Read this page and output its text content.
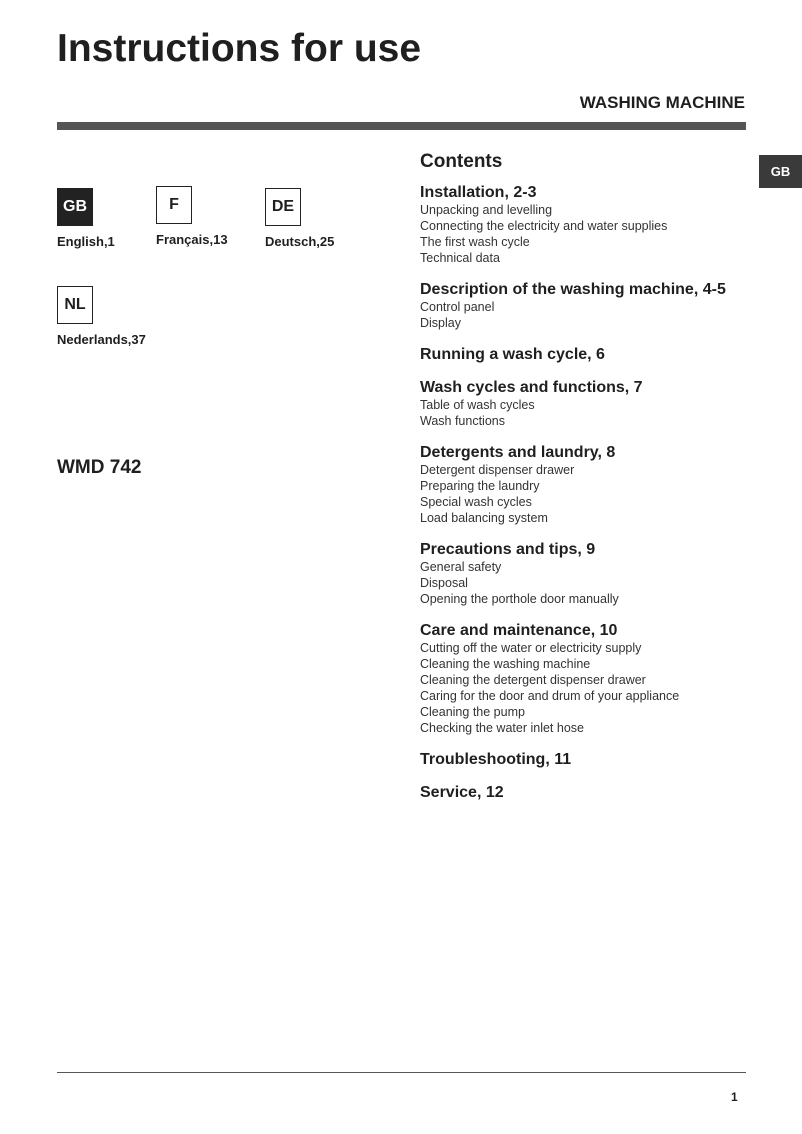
Instructions for use
WASHING MACHINE
GB
GB
English,1
F
Français,13
DE
Deutsch,25
NL
Nederlands,37
WMD 742
Contents
Installation, 2-3
Unpacking and levelling
Connecting the electricity and water supplies
The first wash cycle
Technical data
Description of the washing machine, 4-5
Control panel
Display
Running a wash cycle, 6
Wash cycles and functions, 7
Table of wash cycles
Wash functions
Detergents and laundry, 8
Detergent dispenser drawer
Preparing the laundry
Special wash cycles
Load balancing system
Precautions and tips, 9
General safety
Disposal
Opening the porthole door manually
Care and maintenance, 10
Cutting off the water or electricity supply
Cleaning the washing machine
Cleaning the detergent dispenser drawer
Caring for the door and drum of your appliance
Cleaning the pump
Checking the water inlet hose
Troubleshooting, 11
Service, 12
1
